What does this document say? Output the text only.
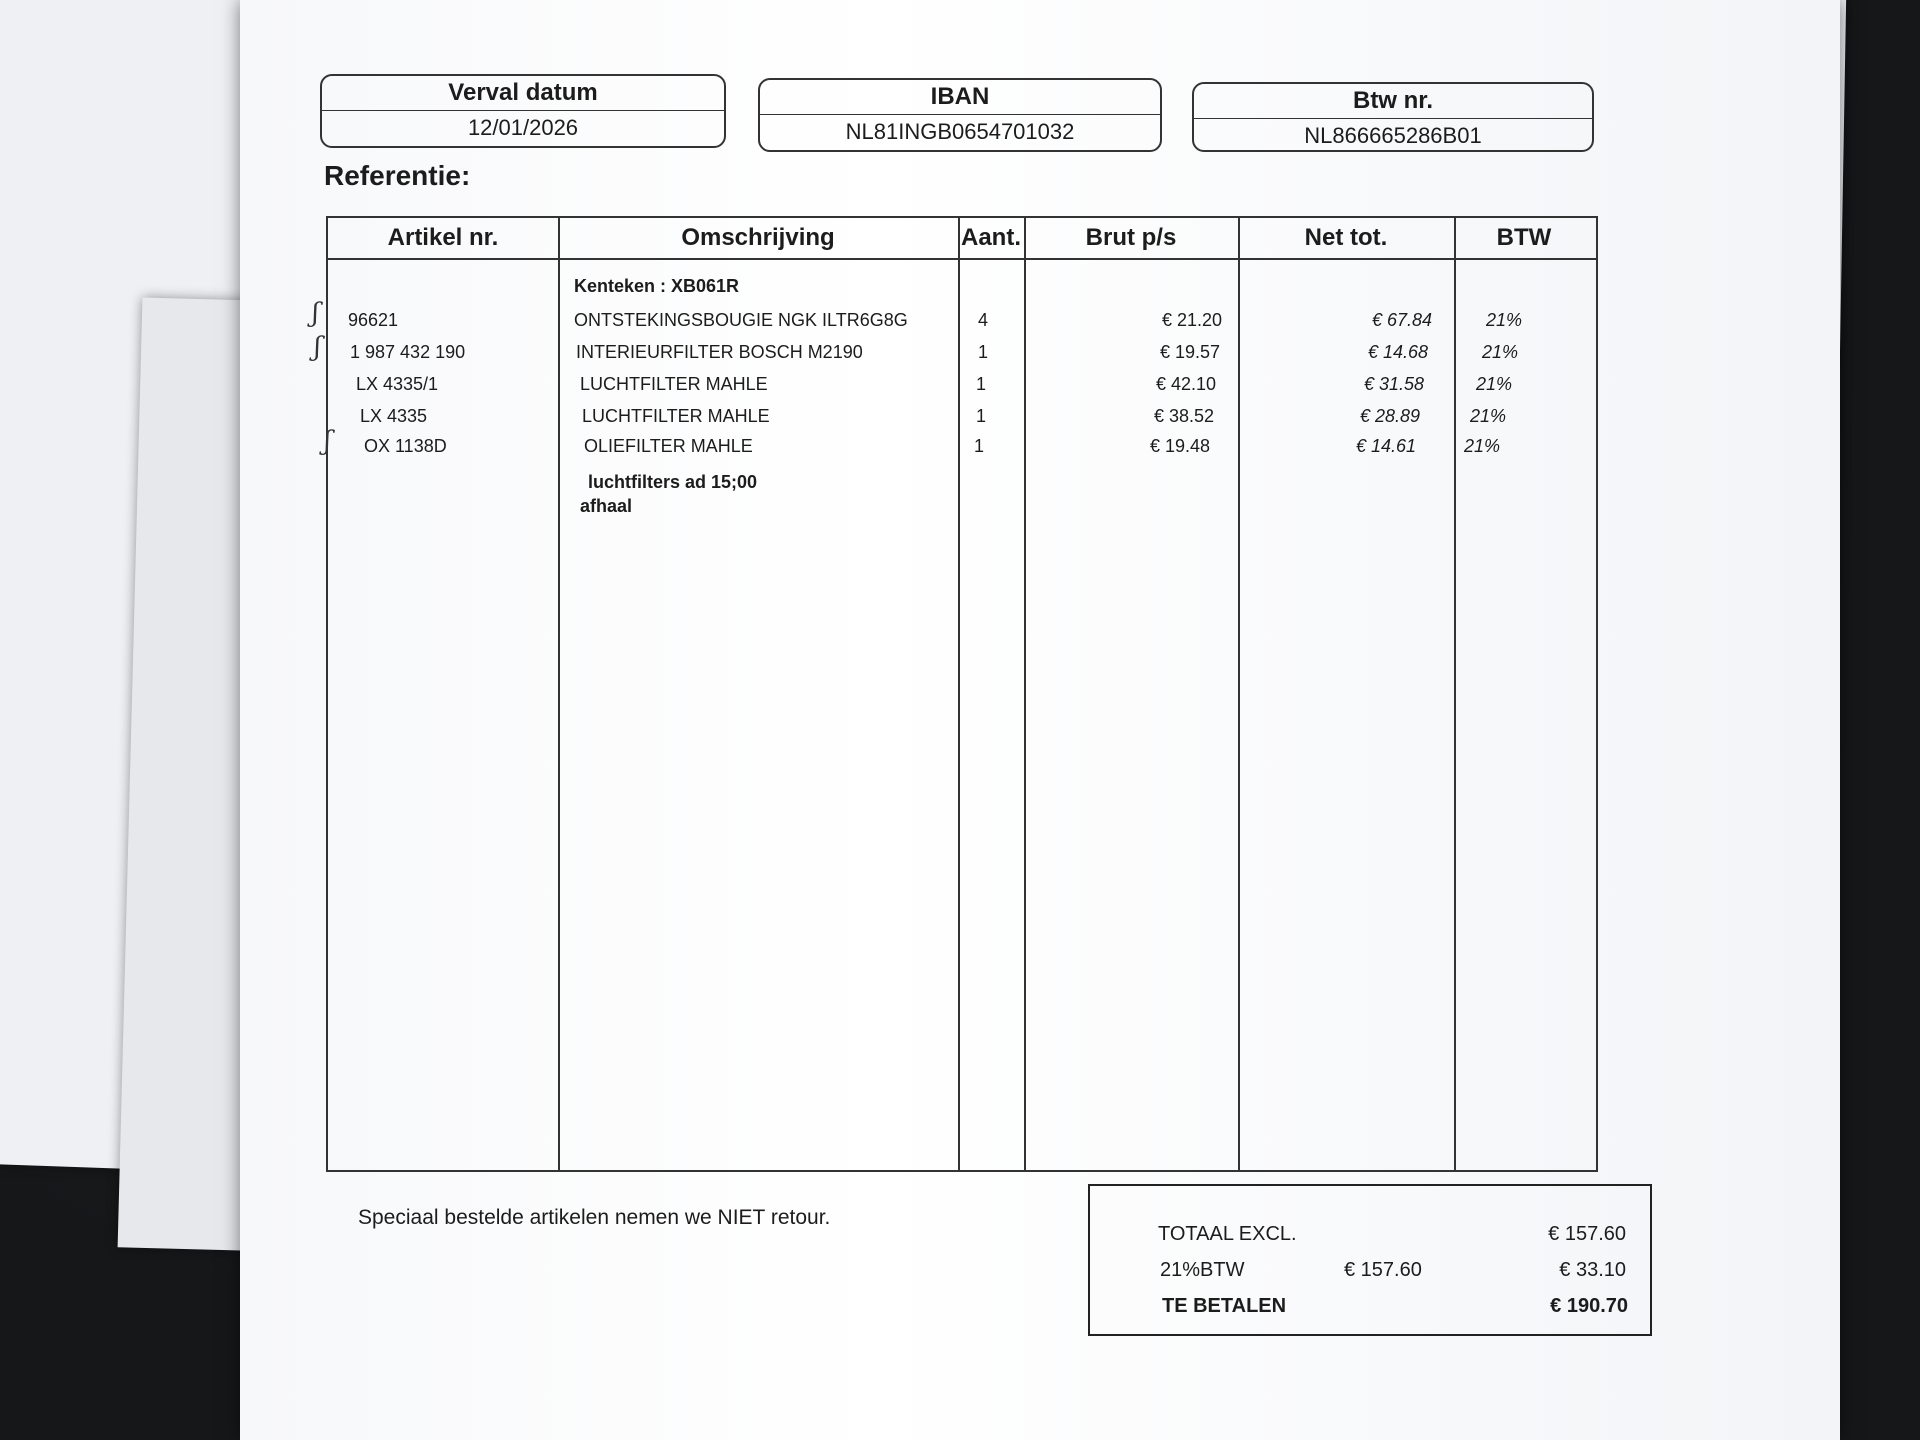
Verval datum
12/01/2026
IBAN
NL81INGB0654701032
Btw nr.
NL866665286B01
Referentie:
Artikel nr.	Omschrijving	Aant.	Brut p/s	Net tot.	BTW
Kenteken : XB061R
ʃ 96621	ONTSTEKINGSBOUGIE NGK ILTR6G8G	4	€ 21.20	€ 67.84	21%
ʃ 1 987 432 190	INTERIEURFILTER BOSCH M2190	1	€ 19.57	€ 14.68	21%
LX 4335/1	LUCHTFILTER MAHLE	1	€ 42.10	€ 31.58	21%
LX 4335	LUCHTFILTER MAHLE	1	€ 38.52	€ 28.89	21%
ʃ OX 1138D	OLIEFILTER MAHLE	1	€ 19.48	€ 14.61	21%
luchtfilters ad 15;00
afhaal
Speciaal bestelde artikelen nemen we NIET retour.
TOTAAL EXCL.	€ 157.60
21%BTW	€ 157.60	€ 33.10
TE BETALEN	€ 190.70
